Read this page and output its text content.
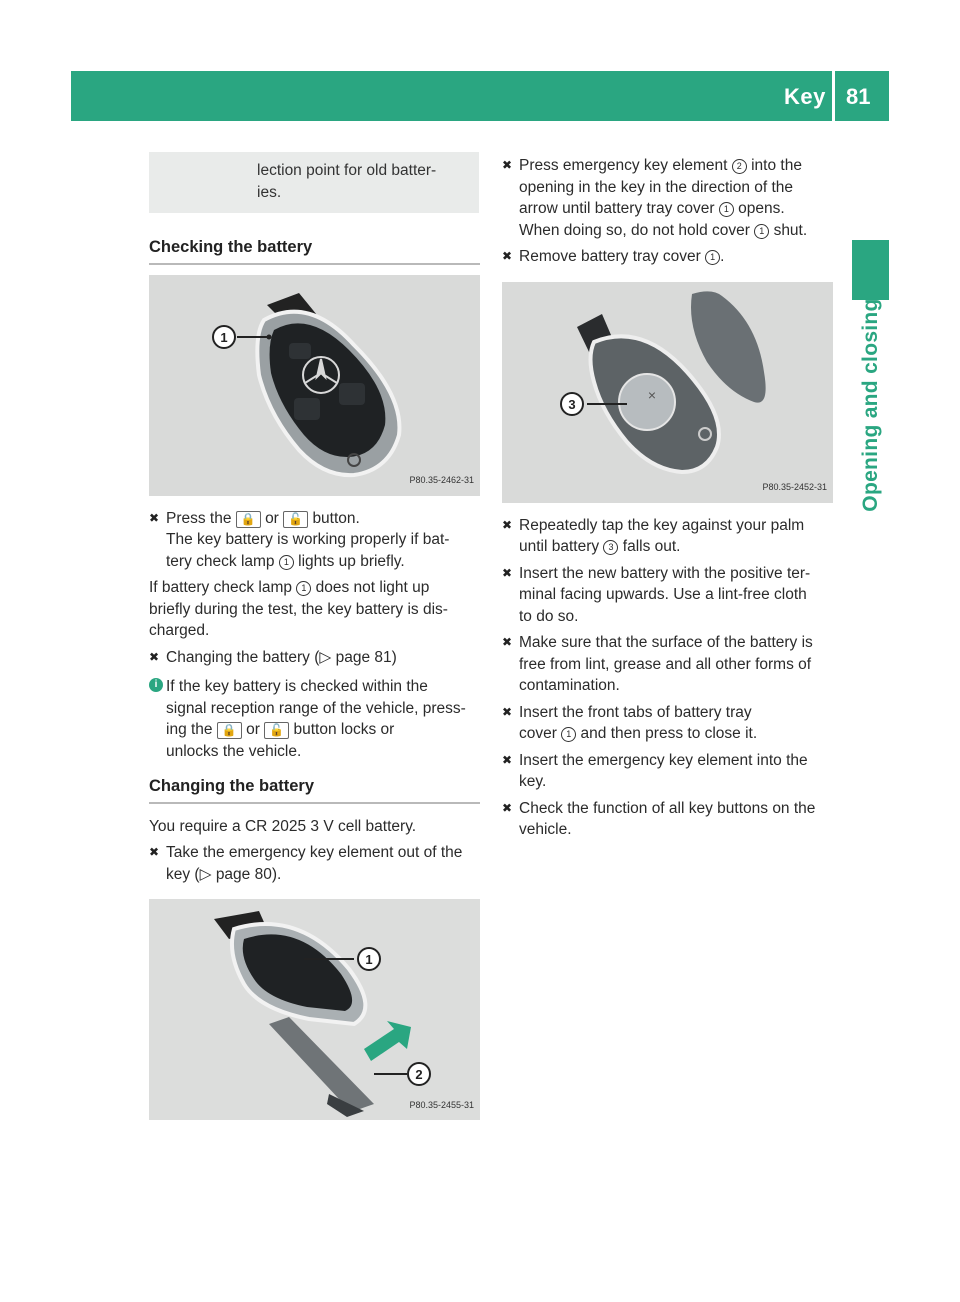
Key 81
Opening and closing
lection point for old batter-
ies.
Checking the battery
1
P80.35-2462-31
✖ Press the 🔒 or 🔓 button.
The key battery is working properly if bat-
tery check lamp 1 lights up briefly.
If battery check lamp 1 does not light up
briefly during the test, the key battery is dis-
charged.
✖ Changing the battery (▷ page 81)
i If the key battery is checked within the
signal reception range of the vehicle, press-
ing the 🔒 or 🔓 button locks or
unlocks the vehicle.
Changing the battery
You require a CR 2025 3 V cell battery.
✖ Take the emergency key element out of the
key (▷ page 80).
1
2
P80.35-2455-31
✖ Press emergency key element 2 into the
opening in the key in the direction of the
arrow until battery tray cover 1 opens.
When doing so, do not hold cover 1 shut.
✖ Remove battery tray cover 1 .
×
3
P80.35-2452-31
✖ Repeatedly tap the key against your palm
until battery 3 falls out.
✖ Insert the new battery with the positive ter-
minal facing upwards. Use a lint-free cloth
to do so.
✖ Make sure that the surface of the battery is
free from lint, grease and all other forms of
contamination.
✖ Insert the front tabs of battery tray
cover 1 and then press to close it.
✖ Insert the emergency key element into the
key.
✖ Check the function of all key buttons on the
vehicle.
